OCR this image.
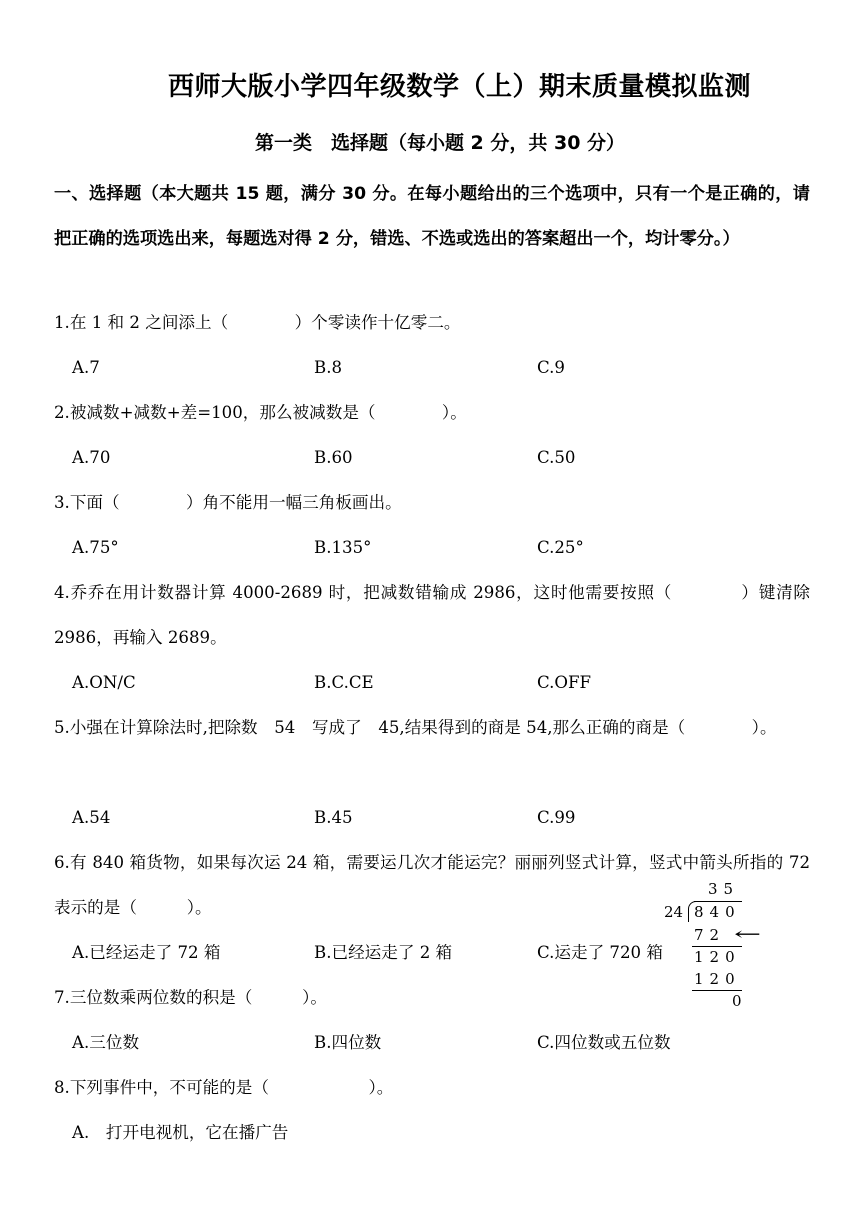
西师大版小学四年级数学（上）期末质量模拟监测
第一类　选择题（每小题 2 分，共 30 分）
一、选择题（本大题共 15 题，满分 30 分。在每小题给出的三个选项中，只有一个是正确的，请把正确的选项选出来，每题选对得 2 分，错选、不选或选出的答案超出一个，均计零分。）
1.在 1 和 2 之间添上（　　　　）个零读作十亿零二。
A.7	B.8	C.9
2.被减数+减数+差=100，那么被减数是（　　　　）。
A.70	B.60	C.50
3.下面（　　　　）角不能用一幅三角板画出。
A.75°	B.135°	C.25°
4.乔乔在用计数器计算 4000-2689 时，把减数错输成 2986，这时他需要按照（　　　　）键清除 2986，再输入 2689。
A.ON/C	B.C.CE	C.OFF
5.小强在计算除法时,把除数　54　写成了　45,结果得到的商是 54,那么正确的商是（　　　　）。
A.54	B.45	C.99
6.有 840 箱货物，如果每次运 24 箱，需要运几次才能运完？丽丽列竖式计算，竖式中箭头所指的 72 表示的是（　　　）。
A.已经运走了 72 箱	B.已经运走了 2 箱	C.运走了 720 箱
7.三位数乘两位数的积是（　　　）。
A.三位数	B.四位数	C.四位数或五位数
8.下列事件中，不可能的是（　　　　　　）。
A.　打开电视机，它在播广告
35
24 840
72 ←
120
120
0
